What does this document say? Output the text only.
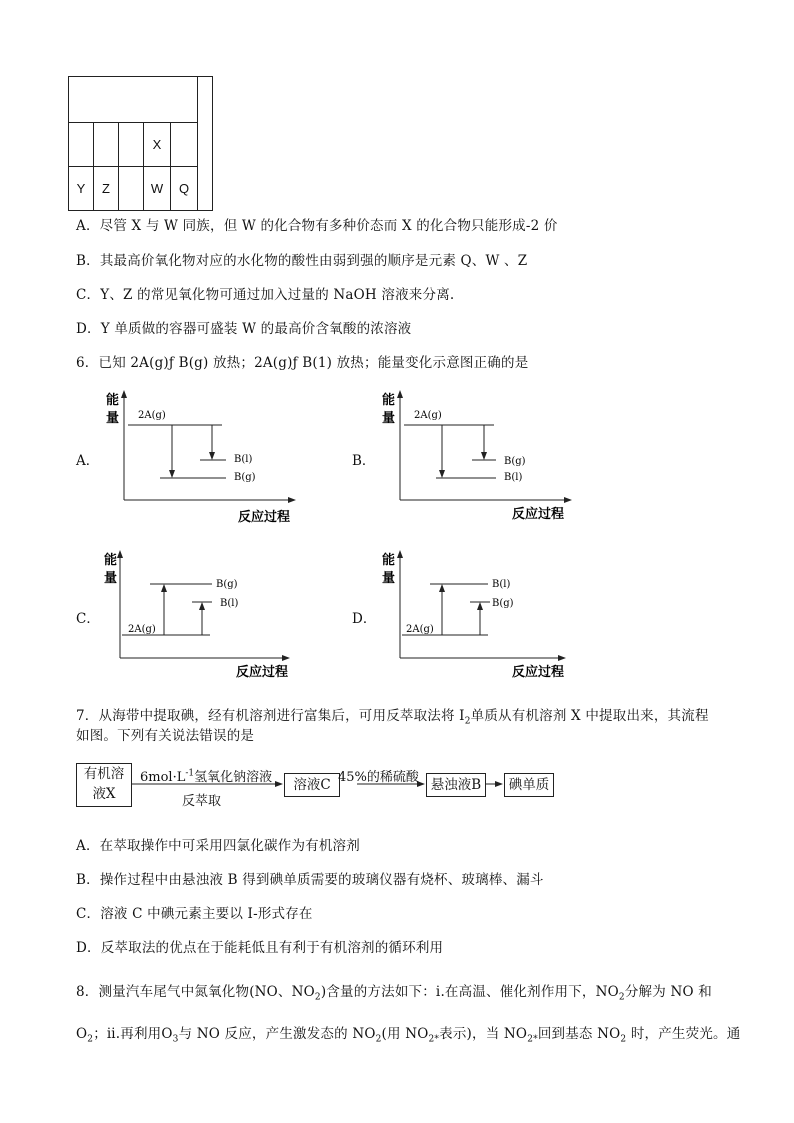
			X		
Y	Z		W	Q	
A．尽管 X 与 W 同族，但 W 的化合物有多种价态而 X 的化合物只能形成-2 价
B．其最高价氧化物对应的水化物的酸性由弱到强的顺序是元素 Q、W 、Z
C．Y、Z 的常见氧化物可通过加入过量的 NaOH 溶液来分离.
D．Y 单质做的容器可盛装 W 的最高价含氧酸的浓溶液
6．已知 2A(g)ƒ B(g) 放热；2A(g)ƒ B(1) 放热；能量变化示意图正确的是
A．
能
量
反应过程
2A(g)
B(l)
B(g)
B．
能
量
反应过程
2A(g)
B(g)
B(l)
C．
能
量
反应过程
2A(g)
B(g)
B(l)
D．
能
量
反应过程
2A(g)
B(l)
B(g)
7．从海带中提取碘，经有机溶剂进行富集后，可用反萃取法将 $I_2$单质从有机溶剂 X 中提取出来，其流程
如图。下列有关说法错误的是
有机溶
液X
$6mol\cdot L^{-1}$氢氧化钠溶液
反萃取
溶液C 45%的稀硫酸 悬浊液B	碘单质
A．在萃取操作中可采用四氯化碳作为有机溶剂
B．操作过程中由悬浊液 B 得到碘单质需要的玻璃仪器有烧杯、玻璃棒、漏斗
C．溶液 C 中碘元素主要以 I-形式存在
D．反萃取法的优点在于能耗低且有利于有机溶剂的循环利用
8．测量汽车尾气中氮氧化物(NO、$NO_2$)含量的方法如下：ⅰ.在高温、催化剂作用下，$NO_2$分解为 NO 和
$O_2$；ⅱ.再利用$O_3$与 NO 反应，产生激发态的 $NO_2$(用 $NO_{2*}$表示)，当 $NO_{2*}$回到基态 $NO_2$ 时，产生荧光。通
